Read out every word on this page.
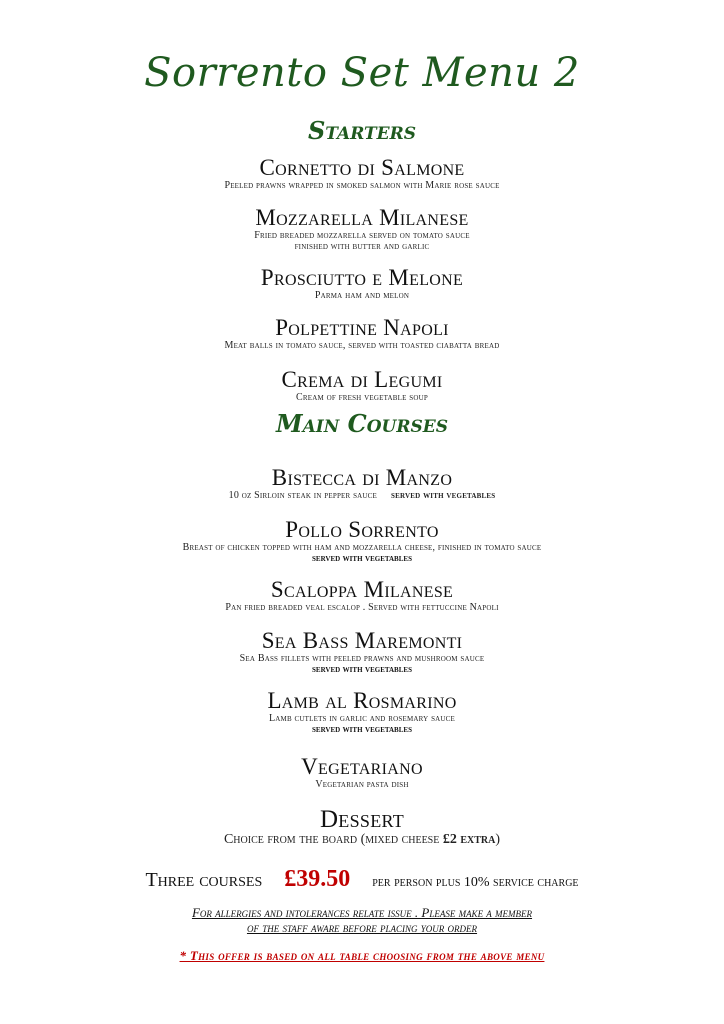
Sorrento Set Menu 2
Starters
Cornetto di Salmone
Peeled prawns wrapped in smoked salmon with Marie rose sauce
Mozzarella Milanese
Fried breaded mozzarella served on tomato sauce
finished with butter and garlic
Prosciutto e Melone
Parma ham and melon
Polpettine Napoli
Meat balls in tomato sauce, served with toasted ciabatta bread
Crema di Legumi
Cream of fresh vegetable soup
Main Courses
Bistecca di Manzo
10 oz Sirloin steak in pepper sauce served with vegetables
Pollo Sorrento
Breast of chicken topped with ham and mozzarella cheese, finished in tomato sauce
served with vegetables
Scaloppa Milanese
Pan fried breaded veal escalop . Served with fettuccine Napoli
Sea Bass Maremonti
Sea Bass fillets with peeled prawns and mushroom sauce
served with vegetables
Lamb al Rosmarino
Lamb cutlets in garlic and rosemary sauce
served with vegetables
Vegetariano
Vegetarian pasta dish
Dessert
Choice from the board (mixed cheese £2 extra)
Three courses £39.50 per person plus 10% service charge
For allergies and intolerances relate issue . Please make a member
of the staff aware before placing your order
* This offer is based on all table choosing from the above menu
